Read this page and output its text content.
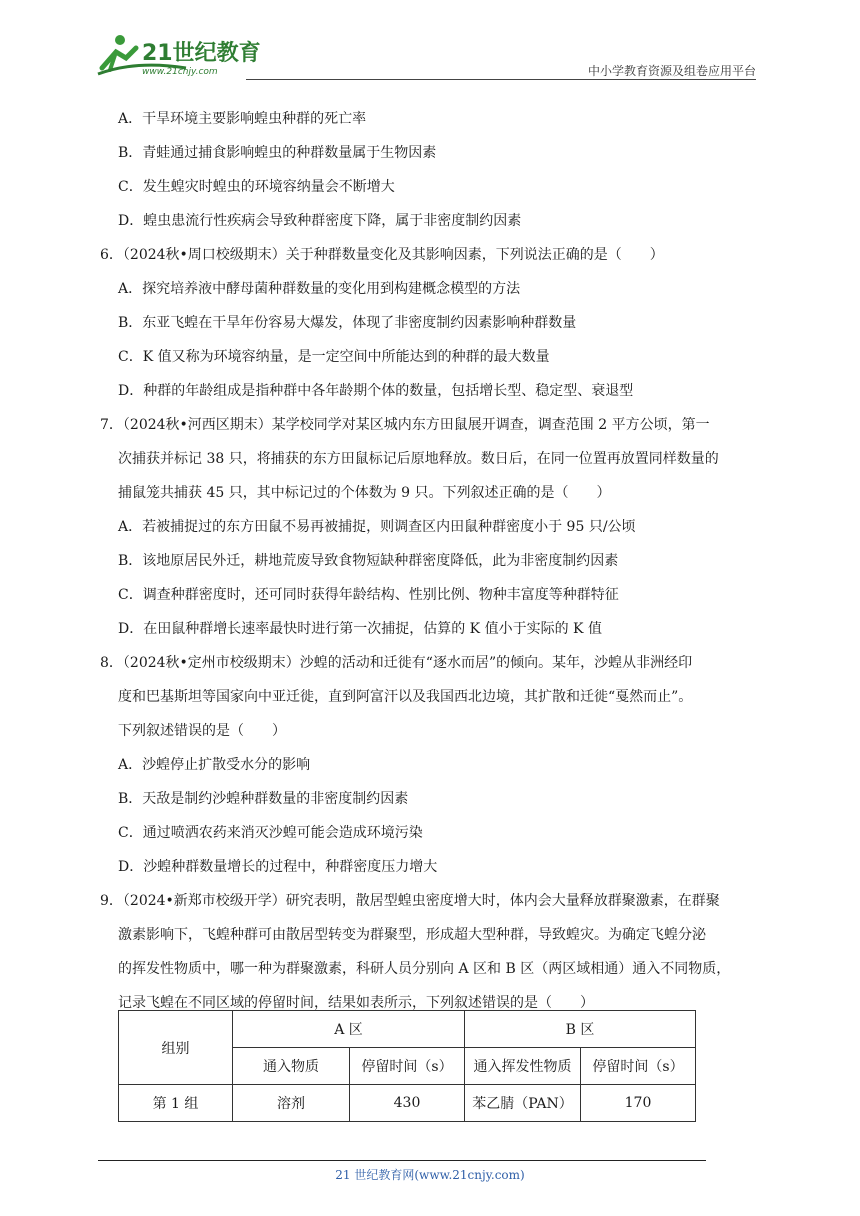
21世纪教育
www.21cnjy.com	中小学教育资源及组卷应用平台
A．干旱环境主要影响蝗虫种群的死亡率
B．青蛙通过捕食影响蝗虫的种群数量属于生物因素
C．发生蝗灾时蝗虫的环境容纳量会不断增大
D．蝗虫患流行性疾病会导致种群密度下降，属于非密度制约因素
6．（2024秋•周口校级期末）关于种群数量变化及其影响因素，下列说法正确的是（　　）
A．探究培养液中酵母菌种群数量的变化用到构建概念模型的方法
B．东亚飞蝗在干旱年份容易大爆发，体现了非密度制约因素影响种群数量
C．K 值又称为环境容纳量，是一定空间中所能达到的种群的最大数量
D．种群的年龄组成是指种群中各年龄期个体的数量，包括增长型、稳定型、衰退型
7．（2024秋•河西区期末）某学校同学对某区城内东方田鼠展开调查，调查范围 2 平方公顷，第一
次捕获并标记 38 只，将捕获的东方田鼠标记后原地释放。数日后，在同一位置再放置同样数量的
捕鼠笼共捕获 45 只，其中标记过的个体数为 9 只。下列叙述正确的是（　　）
A．若被捕捉过的东方田鼠不易再被捕捉，则调查区内田鼠种群密度小于 95 只/公顷
B．该地原居民外迁，耕地荒废导致食物短缺种群密度降低，此为非密度制约因素
C．调查种群密度时，还可同时获得年龄结构、性别比例、物种丰富度等种群特征
D．在田鼠种群增长速率最快时进行第一次捕捉，估算的 K 值小于实际的 K 值
8．（2024秋•定州市校级期末）沙蝗的活动和迁徙有“逐水而居”的倾向。某年，沙蝗从非洲经印
度和巴基斯坦等国家向中亚迁徙，直到阿富汗以及我国西北边境，其扩散和迁徙“戛然而止”。
下列叙述错误的是（　　）
A．沙蝗停止扩散受水分的影响
B．天敌是制约沙蝗种群数量的非密度制约因素
C．通过喷洒农药来消灭沙蝗可能会造成环境污染
D．沙蝗种群数量增长的过程中，种群密度压力增大
9．（2024•新郑市校级开学）研究表明，散居型蝗虫密度增大时，体内会大量释放群聚激素，在群聚
激素影响下，飞蝗种群可由散居型转变为群聚型，形成超大型种群，导致蝗灾。为确定飞蝗分泌
的挥发性物质中，哪一种为群聚激素，科研人员分别向 A 区和 B 区（两区域相通）通入不同物质，
记录飞蝗在不同区域的停留时间，结果如表所示，下列叙述错误的是（　　）
组别	A 区		B 区	
	通入物质	停留时间（s）	通入挥发性物质	停留时间（s）
第 1 组	溶剂	430	苯乙腈（PAN）	170
21 世纪教育网(www.21cnjy.com)
